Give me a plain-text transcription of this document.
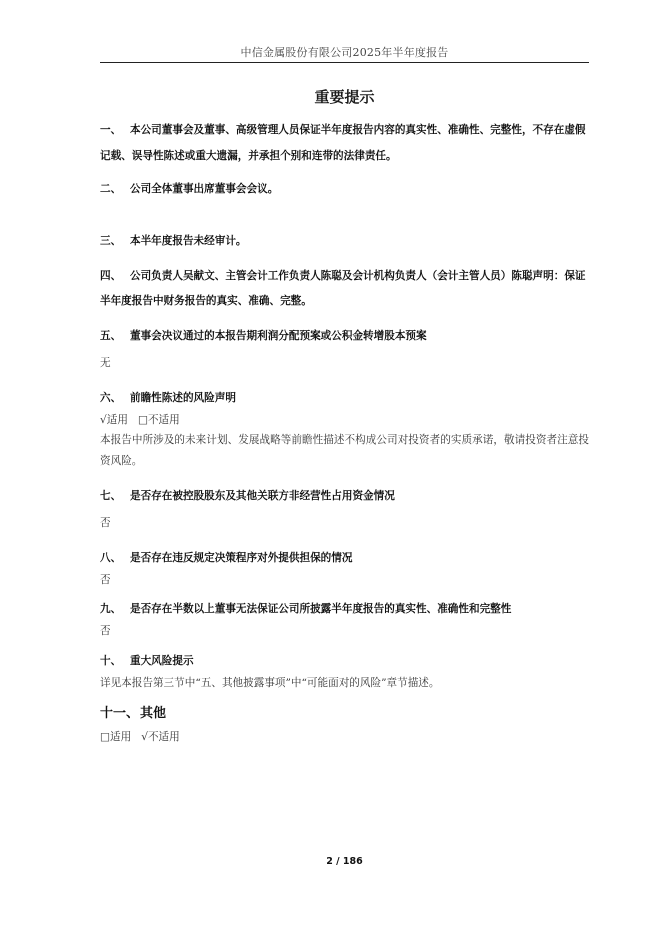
中信金属股份有限公司2025年半年度报告
重要提示
一、 本公司董事会及董事、高级管理人员保证半年度报告内容的真实性、准确性、完整性，不存在虚假记载、误导性陈述或重大遗漏，并承担个别和连带的法律责任。
二、 公司全体董事出席董事会会议。
三、 本半年度报告未经审计。
四、 公司负责人吴献文、主管会计工作负责人陈聪及会计机构负责人（会计主管人员）陈聪声明：保证半年度报告中财务报告的真实、准确、完整。
五、 董事会决议通过的本报告期利润分配预案或公积金转增股本预案
无
六、 前瞻性陈述的风险声明
√适用 □不适用
本报告中所涉及的未来计划、发展战略等前瞻性描述不构成公司对投资者的实质承诺，敬请投资者注意投资风险。
七、 是否存在被控股股东及其他关联方非经营性占用资金情况
否
八、 是否存在违反规定决策程序对外提供担保的情况
否
九、 是否存在半数以上董事无法保证公司所披露半年度报告的真实性、准确性和完整性
否
十、 重大风险提示
详见本报告第三节中“五、其他披露事项”中“可能面对的风险”章节描述。
十一、其他
□适用 √不适用
2 / 186
